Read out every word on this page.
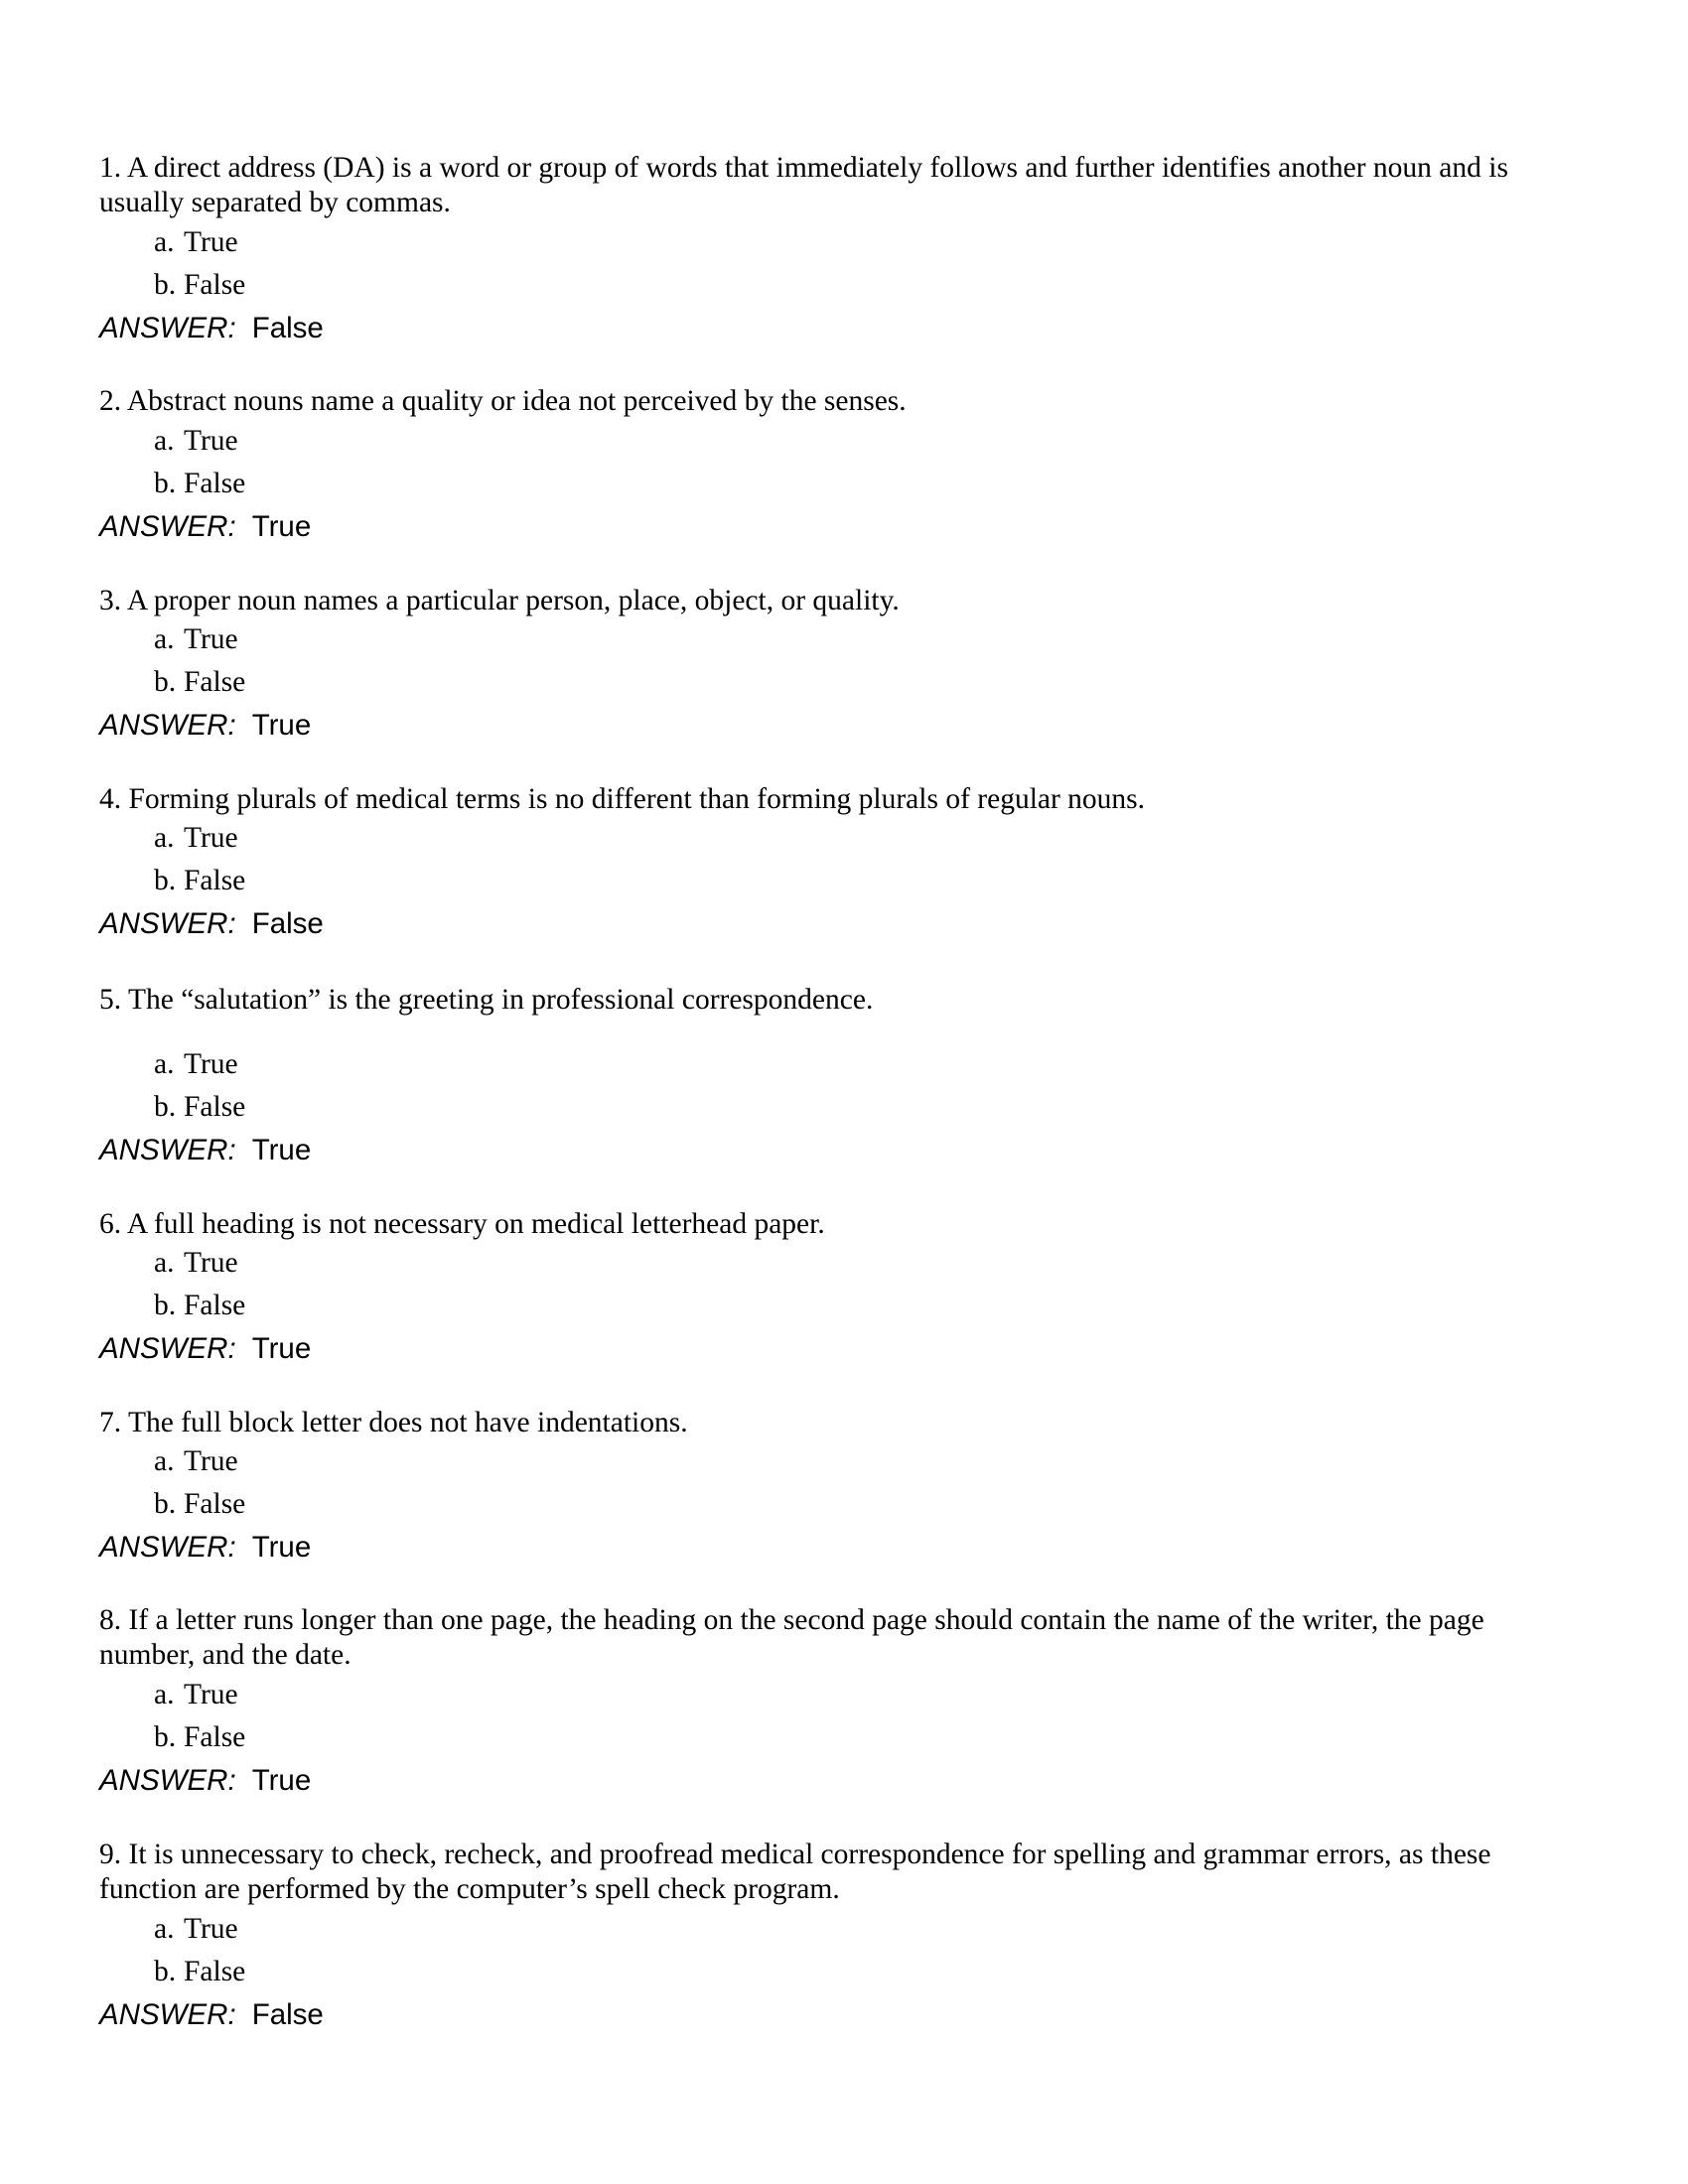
1. A direct address (DA) is a word or group of words that immediately follows and further identifies another noun and is usually separated by commas.

a. True
b. False
ANSWER: False

2. Abstract nouns name a quality or idea not perceived by the senses.

a. True
b. False
ANSWER: True

3. A proper noun names a particular person, place, object, or quality.

a. True
b. False
ANSWER: True

4. Forming plurals of medical terms is no different than forming plurals of regular nouns.

a. True
b. False
ANSWER: False

5. The “salutation” is the greeting in professional correspondence.

a. True
b. False
ANSWER: True

6. A full heading is not necessary on medical letterhead paper.

a. True
b. False
ANSWER: True

7. The full block letter does not have indentations.

a. True
b. False
ANSWER: True

8. If a letter runs longer than one page, the heading on the second page should contain the name of the writer, the page number, and the date.

a. True
b. False
ANSWER: True

9. It is unnecessary to check, recheck, and proofread medical correspondence for spelling and grammar errors, as these function are performed by the computer’s spell check program.

a. True
b. False
ANSWER: False
